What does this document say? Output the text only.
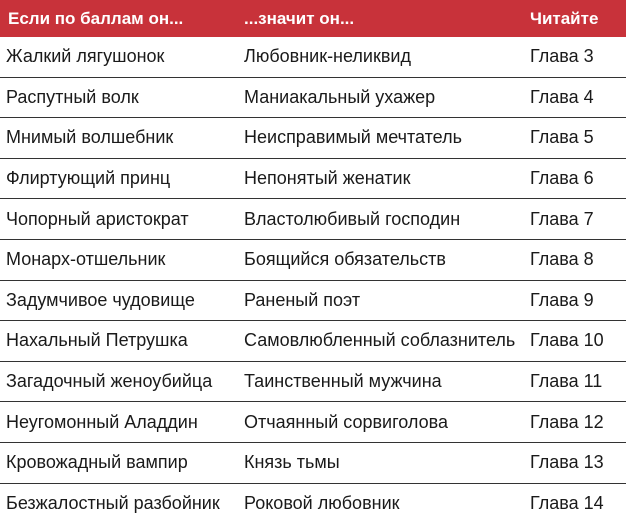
Если по баллам он...	...значит он...	Читайте
Жалкий лягушонок	Любовник-неликвид	Глава 3
Распутный волк	Маниакальный ухажер	Глава 4
Мнимый волшебник	Неисправимый мечтатель	Глава 5
Флиртующий принц	Непонятый женатик	Глава 6
Чопорный аристократ	Властолюбивый господин	Глава 7
Монарх-отшельник	Боящийся обязательств	Глава 8
Задумчивое чудовище	Раненый поэт	Глава 9
Нахальный Петрушка	Самовлюбленный соблазнитель Глава 10
Загадочный женоубийца	Таинственный мужчина	Глава 11
Неугомонный Аладдин	Отчаянный сорвиголова	Глава 12
Кровожадный вампир	Князь тьмы	Глава 13
Безжалостный разбойник	Роковой любовник	Глава 14
